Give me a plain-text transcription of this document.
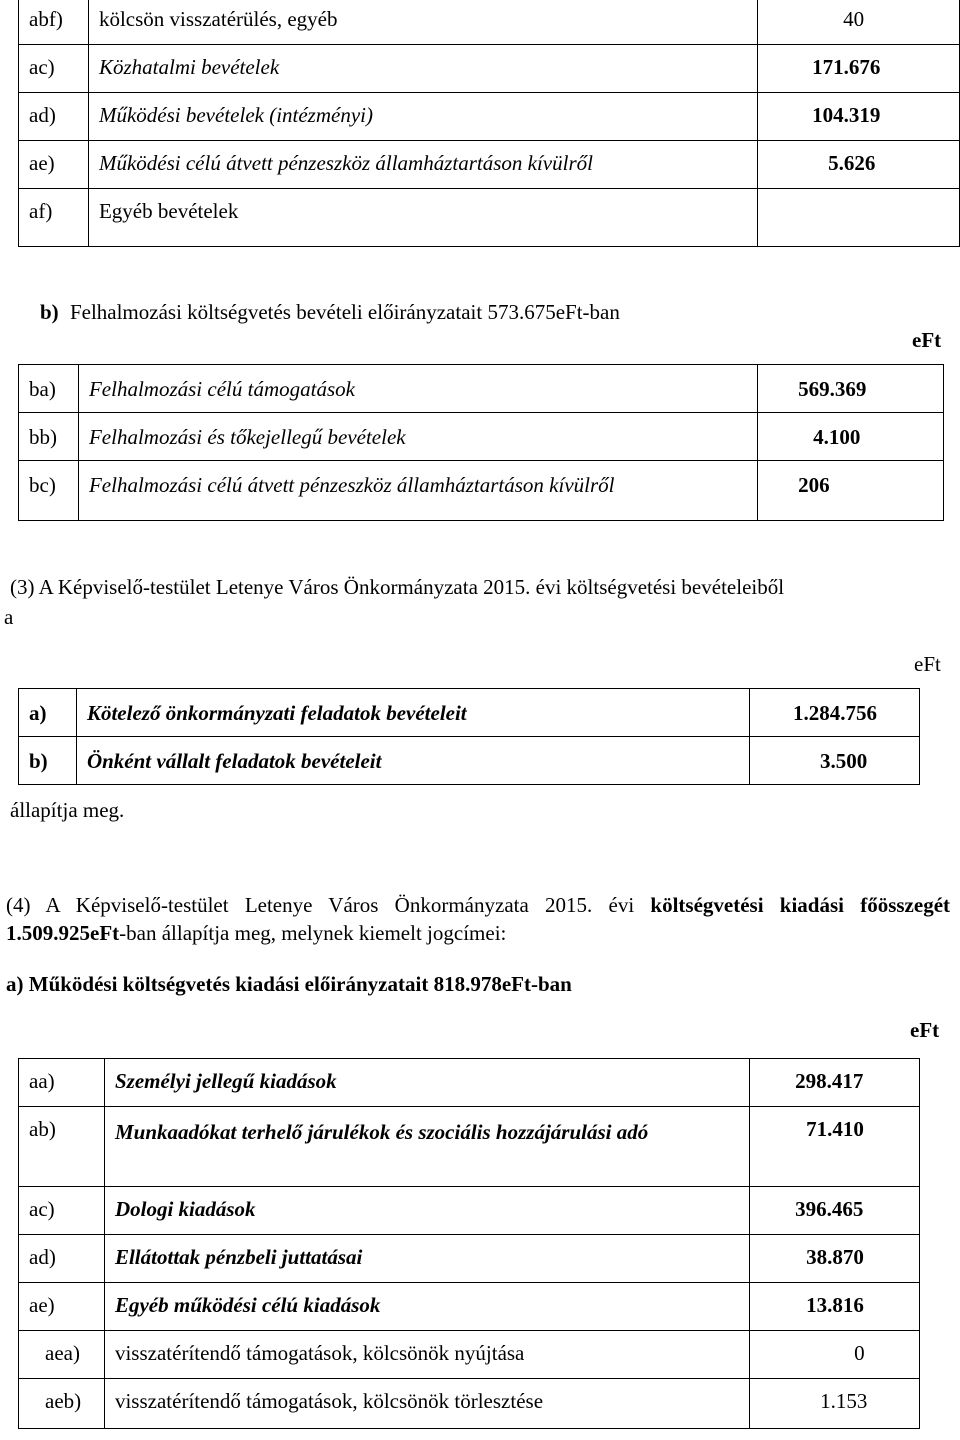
abf)	kölcsön visszatérülés, egyéb	40
ac)	Közhatalmi bevételek	171.676
ad)	Működési bevételek (intézményi)	104.319
ae)	Működési célú átvett pénzeszköz államháztartáson kívülről	5.626
af)	Egyéb bevételek	
b) Felhalmozási költségvetés bevételi előirányzatait 573.675eFt-ban
eFt
ba)	Felhalmozási célú támogatások	569.369
bb)	Felhalmozási és tőkejellegű bevételek	4.100
bc)	Felhalmozási célú átvett pénzeszköz államháztartáson kívülről	206
(3) A Képviselő-testület Letenye Város Önkormányzata 2015. évi költségvetési bevételeiből
a
eFt
a)	Kötelező önkormányzati feladatok bevételeit	1.284.756
b)	Önként vállalt feladatok bevételeit	3.500
állapítja meg.
(4) A Képviselő-testület Letenye Város Önkormányzata 2015. évi költségvetési kiadási főösszegét 1.509.925eFt-ban állapítja meg, melynek kiemelt jogcímei:
a) Működési költségvetés kiadási előirányzatait 818.978eFt-ban
eFt
aa)	Személyi jellegű kiadások	298.417
ab)	Munkaadókat terhelő járulékok és szociális hozzájárulási adó	71.410
ac)	Dologi kiadások	396.465
ad)	Ellátottak pénzbeli juttatásai	38.870
ae)	Egyéb működési célú kiadások	13.816
aea)	visszatérítendő támogatások, kölcsönök nyújtása	0
aeb)	visszatérítendő támogatások, kölcsönök törlesztése	1.153
